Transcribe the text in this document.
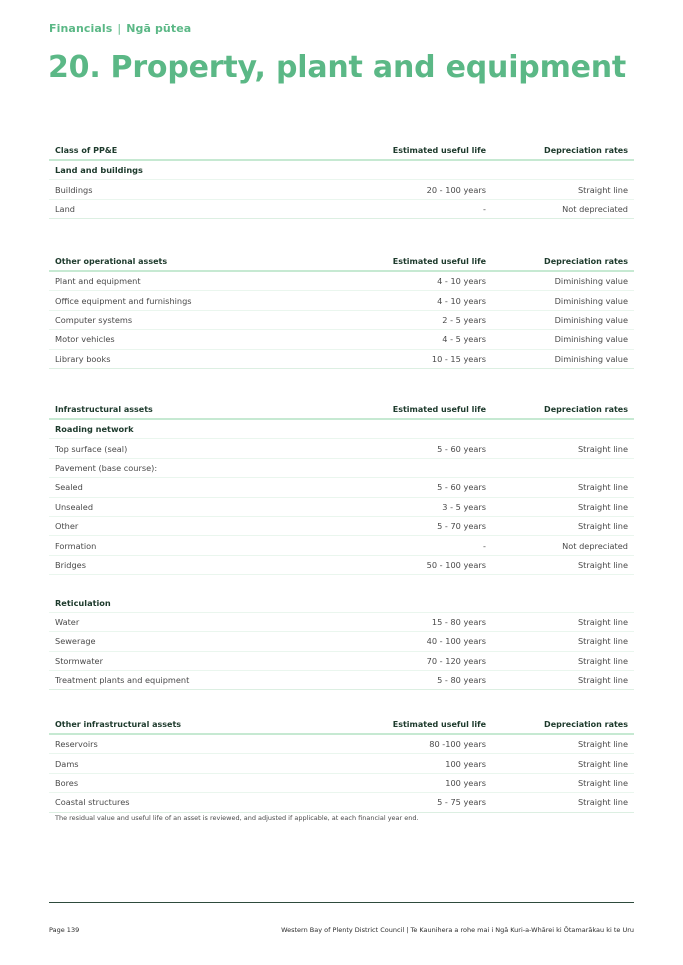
Financials | Ngā pūtea
20. Property, plant and equipment
Class of PP&E	Estimated useful life	Depreciation rates
Land and buildings		
Buildings	20 - 100 years	Straight line
Land	-	Not depreciated
Other operational assets	Estimated useful life	Depreciation rates
Plant and equipment	4 - 10 years	Diminishing value
Office equipment and furnishings	4 - 10 years	Diminishing value
Computer systems	2 - 5 years	Diminishing value
Motor vehicles	4 - 5 years	Diminishing value
Library books	10 - 15 years	Diminishing value
Infrastructural assets	Estimated useful life	Depreciation rates
Roading network		
Top surface (seal)	5 - 60 years	Straight line
Pavement (base course):		
Sealed	5 - 60 years	Straight line
Unsealed	3 - 5 years	Straight line
Other	5 - 70 years	Straight line
Formation	-	Not depreciated
Bridges	50 - 100 years	Straight line

Reticulation		
Water	15 - 80 years	Straight line
Sewerage	40 - 100 years	Straight line
Stormwater	70 - 120 years	Straight line
Treatment plants and equipment	5 - 80 years	Straight line
Other infrastructural assets	Estimated useful life	Depreciation rates
Reservoirs	80 -100 years	Straight line
Dams	100 years	Straight line
Bores	100 years	Straight line
Coastal structures	5 - 75 years	Straight line
The residual value and useful life of an asset is reviewed, and adjusted if applicable, at each financial year end.
Page 139	Western Bay of Plenty District Council | Te Kaunihera a rohe mai i Ngā Kuri-a-Whārei ki Ōtamarākau ki te Uru
